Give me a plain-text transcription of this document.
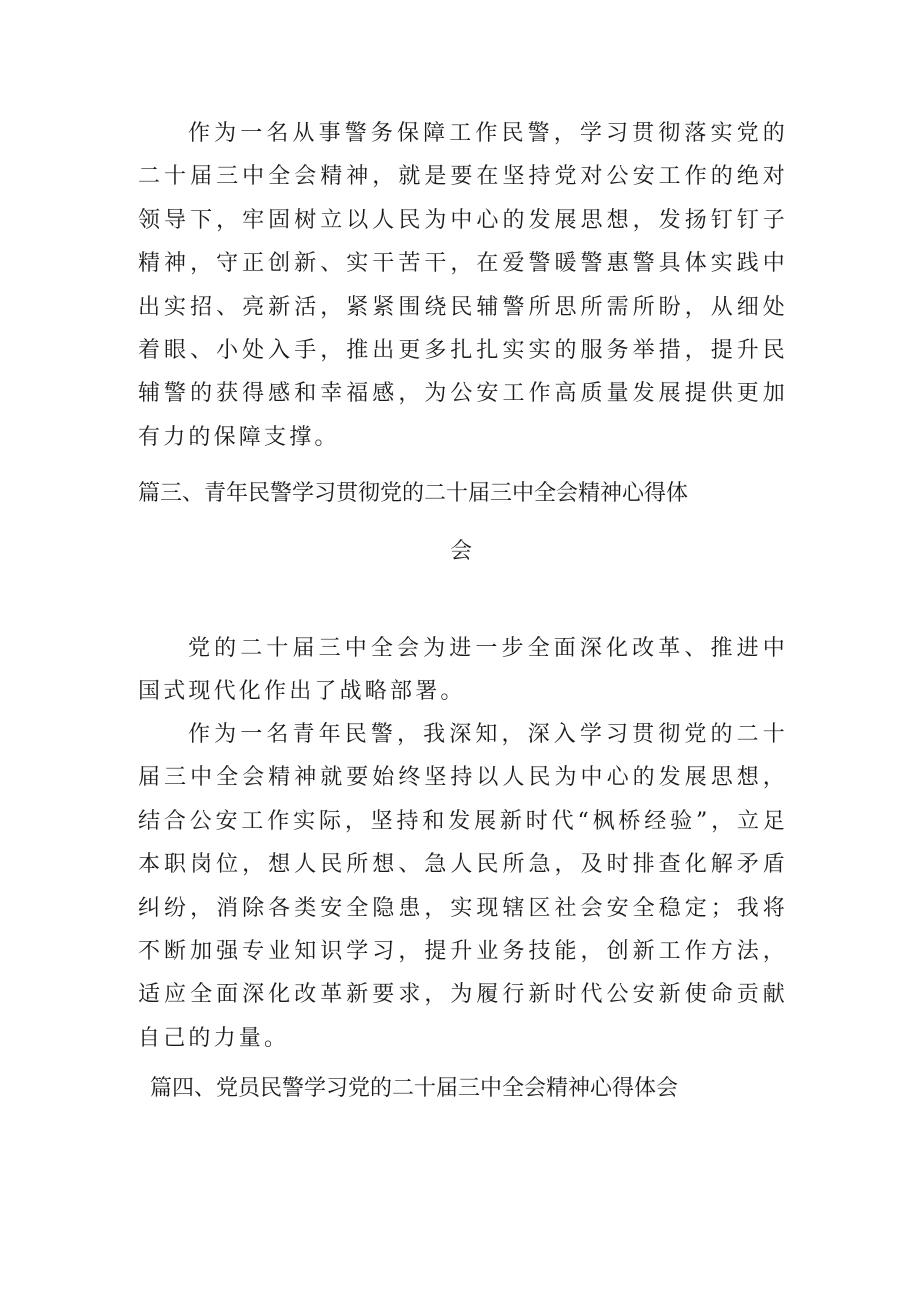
作为一名从事警务保障工作民警，学习贯彻落实党的二十届三中全会精神，就是要在坚持党对公安工作的绝对领导下，牢固树立以人民为中心的发展思想，发扬钉钉子精神，守正创新、实干苦干，在爱警暖警惠警具体实践中出实招、亮新活，紧紧围绕民辅警所思所需所盼，从细处着眼、小处入手，推出更多扎扎实实的服务举措，提升民辅警的获得感和幸福感，为公安工作高质量发展提供更加有力的保障支撑。

篇三、青年民警学习贯彻党的二十届三中全会精神心得体
会

党的二十届三中全会为进一步全面深化改革、推进中国式现代化作出了战略部署。

作为一名青年民警，我深知，深入学习贯彻党的二十届三中全会精神就要始终坚持以人民为中心的发展思想，结合公安工作实际，坚持和发展新时代“枫桥经验”，立足本职岗位，想人民所想、急人民所急，及时排查化解矛盾纠纷，消除各类安全隐患，实现辖区社会安全稳定；我将不断加强专业知识学习，提升业务技能，创新工作方法，适应全面深化改革新要求，为履行新时代公安新使命贡献自己的力量。

篇四、党员民警学习党的二十届三中全会精神心得体会
